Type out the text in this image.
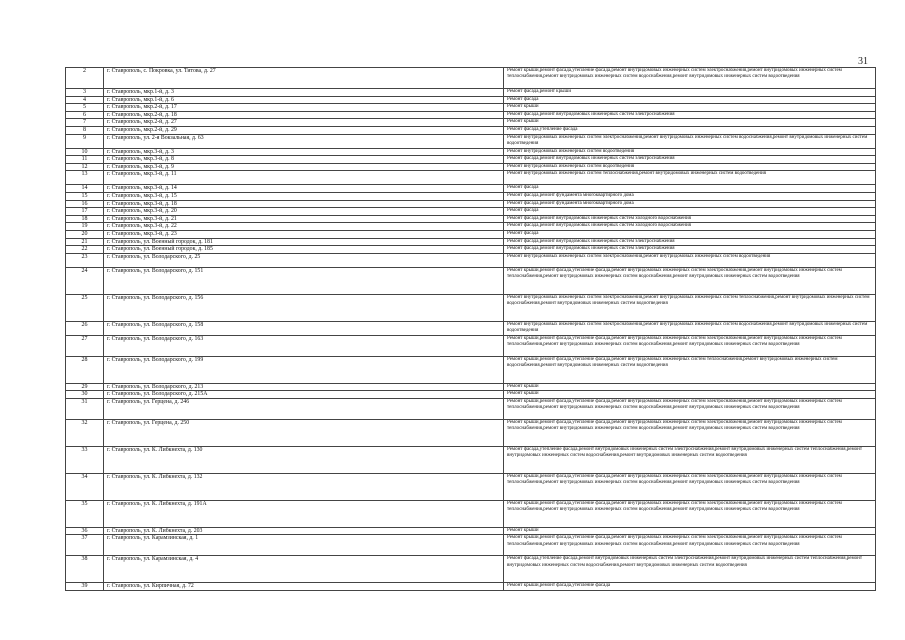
31
2	г. Ставрополь, с. Покровка, ул. Титова, д. 27	Ремонт крыши,ремонт фасада,утепление фасада,ремонт внутридомовых инженерных систем электроснабжения,ремонт внутридомовых инженерных систем теплоснабжения,ремонт внутридомовых инженерных систем водоснабжения,ремонт внутридомовых инженерных систем водоотведения
3	г. Ставрополь, мкр.1-й, д. 3	Ремонт фасада,ремонт крыши
4	г. Ставрополь, мкр.1-й, д. 6	Ремонт фасада
5	г. Ставрополь, мкр.2-й, д. 17	Ремонт крыши
6	г. Ставрополь, мкр.2-й, д. 18	Ремонт фасада,ремонт внутридомовых инженерных систем электроснабжения
7	г. Ставрополь, мкр.2-й, д. 27	Ремонт крыши
8	г. Ставрополь, мкр.2-й, д. 29	Ремонт фасада,утепление фасада
9	г. Ставрополь, ул. 2-я Вокзальная, д. 63	Ремонт внутридомовых инженерных систем электроснабжения,ремонт внутридомовых инженерных систем водоснабжения,ремонт внутридомовых инженерных систем водоотведения
10	г. Ставрополь, мкр.3-й, д. 3	Ремонт внутридомовых инженерных систем водоотведения
11	г. Ставрополь, мкр.3-й, д. 8	Ремонт фасада,ремонт внутридомовых инженерных систем электроснабжения
12	г. Ставрополь, мкр.3-й, д. 9	Ремонт внутридомовых инженерных систем водоотведения
13	г. Ставрополь, мкр.3-й, д. 11	Ремонт внутридомовых инженерных систем теплоснабжения,ремонт внутридомовых инженерных систем водоотведения
14	г. Ставрополь, мкр.3-й, д. 14	Ремонт фасада
15	г. Ставрополь, мкр.3-й, д. 15	Ремонт фасада,ремонт фундамента многоквартирного дома
16	г. Ставрополь, мкр.3-й, д. 18	Ремонт фасада,ремонт фундамента многоквартирного дома
17	г. Ставрополь, мкр.3-й, д. 20	Ремонт фасада
18	г. Ставрополь, мкр.3-й, д. 21	Ремонт фасада,ремонт внутридомовых инженерных систем холодного водоснабжения
19	г. Ставрополь, мкр.3-й, д. 22	Ремонт фасада,ремонт внутридомовых инженерных систем холодного водоснабжения
20	г. Ставрополь, мкр.3-й, д. 23	Ремонт фасада
21	г. Ставрополь, ул. Военный городок, д. 181	Ремонт фасада,ремонт внутридомовых инженерных систем электроснабжения
22	г. Ставрополь, ул. Военный городок, д. 185	Ремонт фасада,ремонт внутридомовых инженерных систем электроснабжения
23	г. Ставрополь, ул. Володарского, д. 25	Ремонт внутридомовых инженерных систем электроснабжения,ремонт внутридомовых инженерных систем водоотведения
24	г. Ставрополь, ул. Володарского, д. 151	Ремонт крыши,ремонт фасада,утепление фасада,ремонт внутридомовых инженерных систем электроснабжения,ремонт внутридомовых инженерных систем теплоснабжения,ремонт внутридомовых инженерных систем водоснабжения,ремонт внутридомовых инженерных систем водоотведения
25	г. Ставрополь, ул. Володарского, д. 156	Ремонт внутридомовых инженерных систем электроснабжения,ремонт внутридомовых инженерных систем теплоснабжения,ремонт внутридомовых инженерных систем водоснабжения,ремонт внутридомовых инженерных систем водоотведения
26	г. Ставрополь, ул. Володарского, д. 158	Ремонт внутридомовых инженерных систем электроснабжения,ремонт внутридомовых инженерных систем водоснабжения,ремонт внутридомовых инженерных систем водоотведения
27	г. Ставрополь, ул. Володарского, д. 163	Ремонт крыши,ремонт фасада,утепление фасада,ремонт внутридомовых инженерных систем электроснабжения,ремонт внутридомовых инженерных систем теплоснабжения,ремонт внутридомовых инженерных систем водоснабжения,ремонт внутридомовых инженерных систем водоотведения
28	г. Ставрополь, ул. Володарского, д. 199	Ремонт крыши,ремонт фасада,утепление фасада,ремонт внутридомовых инженерных систем теплоснабжения,ремонт внутридомовых инженерных систем водоснабжения,ремонт внутридомовых инженерных систем водоотведения
29	г. Ставрополь, ул. Володарского, д. 213	Ремонт крыши
30	г. Ставрополь, ул. Володарского, д. 215А	Ремонт крыши
31	г. Ставрополь, ул. Герцена, д. 246	Ремонт крыши,ремонт фасада,утепление фасада,ремонт внутридомовых инженерных систем электроснабжения,ремонт внутридомовых инженерных систем теплоснабжения,ремонт внутридомовых инженерных систем водоснабжения,ремонт внутридомовых инженерных систем водоотведения
32	г. Ставрополь, ул. Герцена, д. 250	Ремонт крыши,ремонт фасада,утепление фасада,ремонт внутридомовых инженерных систем электроснабжения,ремонт внутридомовых инженерных систем теплоснабжения,ремонт внутридомовых инженерных систем водоснабжения,ремонт внутридомовых инженерных систем водоотведения
33	г. Ставрополь, ул. К. Либкнехта, д. 130	Ремонт фасада,утепление фасада,ремонт внутридомовых инженерных систем электроснабжения,ремонт внутридомовых инженерных систем теплоснабжения,ремонт внутридомовых инженерных систем водоснабжения,ремонт внутридомовых инженерных систем водоотведения
34	г. Ставрополь, ул. К. Либкнехта, д. 132	Ремонт крыши,ремонт фасада,утепление фасада,ремонт внутридомовых инженерных систем электроснабжения,ремонт внутридомовых инженерных систем теплоснабжения,ремонт внутридомовых инженерных систем водоснабжения,ремонт внутридомовых инженерных систем водоотведения
35	г. Ставрополь, ул. К. Либкнехта, д. 191А	Ремонт крыши,ремонт фасада,утепление фасада,ремонт внутридомовых инженерных систем электроснабжения,ремонт внутридомовых инженерных систем теплоснабжения,ремонт внутридомовых инженерных систем водоснабжения,ремонт внутридомовых инженерных систем водоотведения
36	г. Ставрополь, ул. К. Либкнехта, д. 203	Ремонт крыши
37	г. Ставрополь, ул. Карамзинская, д. 1	Ремонт крыши,ремонт фасада,утепление фасада,ремонт внутридомовых инженерных систем электроснабжения,ремонт внутридомовых инженерных систем теплоснабжения,ремонт внутридомовых инженерных систем водоснабжения,ремонт внутридомовых инженерных систем водоотведения
38	г. Ставрополь, ул. Карамзинская, д. 4	Ремонт фасада,утепление фасада,ремонт внутридомовых инженерных систем электроснабжения,ремонт внутридомовых инженерных систем теплоснабжения,ремонт внутридомовых инженерных систем водоснабжения,ремонт внутридомовых инженерных систем водоотведения
39	г. Ставрополь, ул. Кирпичная, д. 72	Ремонт крыши,ремонт фасада,утепление фасада
